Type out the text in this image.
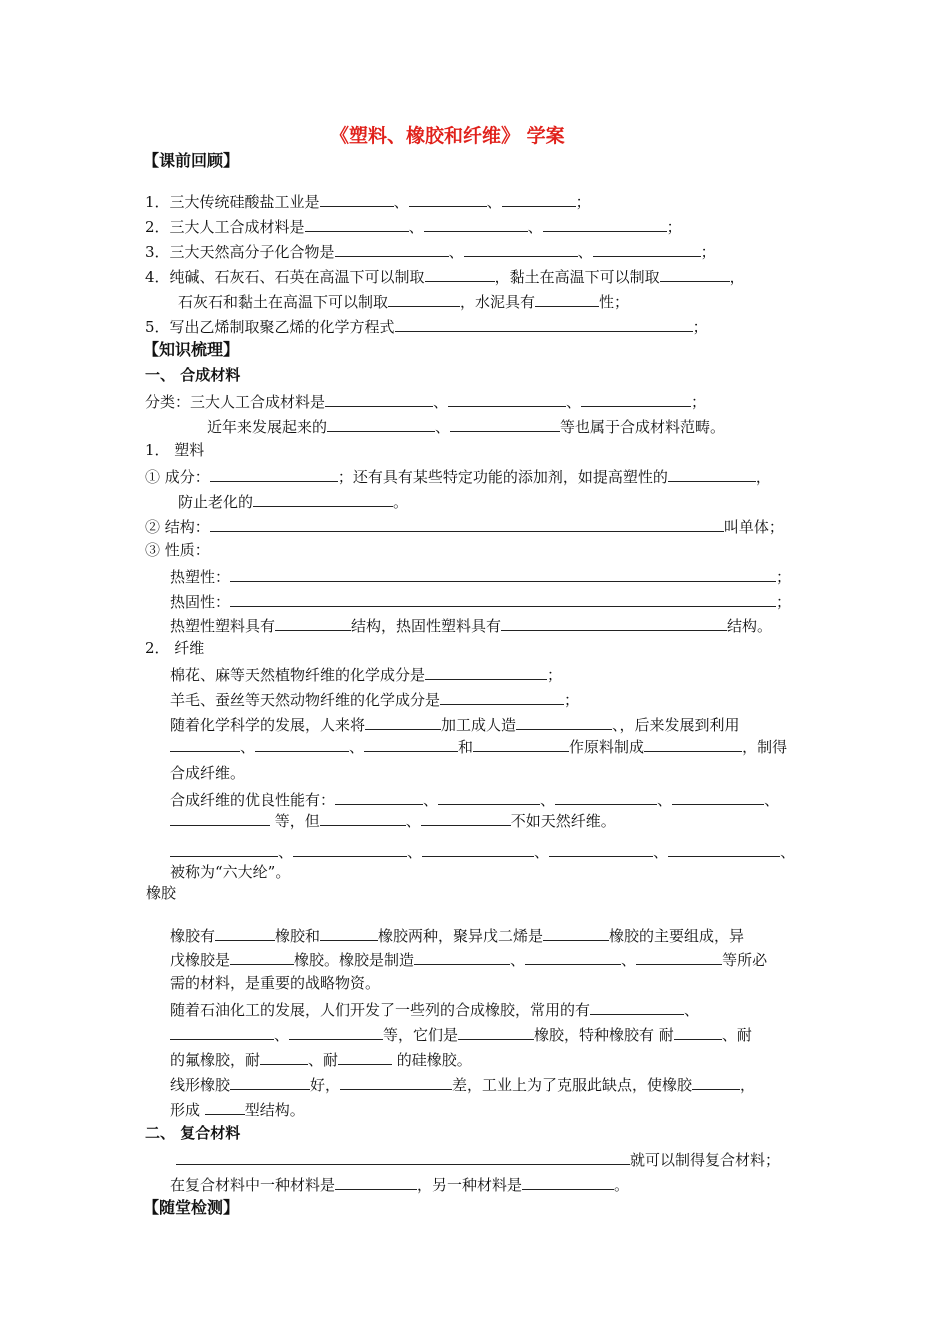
《塑料、橡胶和纤维》 学案
【课前回顾】
1．三大传统硅酸盐工业是	、	、	；
2．三大人工合成材料是	、	、	；
3．三大天然高分子化合物是	、	、	；
4．纯碱、石灰石、石英在高温下可以制取	，黏土在高温下可以制取	，
石灰石和黏土在高温下可以制取	，水泥具有	性；
5．写出乙烯制取聚乙烯的化学方程式	；
【知识梳理】
一、 合成材料
分类：三大人工合成材料是	、	、	；
近年来发展起来的	、	等也属于合成材料范畴。
1． 塑料
① 成分：	；还有具有某些特定功能的添加剂，如提高塑性的	，
防止老化的	。
② 结构：	叫单体；
③ 性质：
热塑性：	；
热固性：	；
热塑性塑料具有	结构，热固性塑料具有	结构。
2． 纤维
棉花、麻等天然植物纤维的化学成分是	；
羊毛、蚕丝等天然动物纤维的化学成分是	；
随着化学科学的发展，人来将	加工成人造	、，后来发展到利用
、	、	和	作原料制成	，制得
合成纤维。
合成纤维的优良性能有：	、	、	、	、
等，但	、	不如天然纤维。
、	、	、	、	、
被称为“六大纶”。
橡胶
橡胶有	橡胶和	橡胶两种，聚异戊二烯是	橡胶的主要组成，异
戊橡胶是	橡胶。橡胶是制造	、	、	等所必
需的材料，是重要的战略物资。
随着石油化工的发展，人们开发了一些列的合成橡胶，常用的有	、
、	等，它们是	橡胶，特种橡胶有 耐	、耐
的氟橡胶，耐	、耐	的硅橡胶。
线形橡胶	好，	差，工业上为了克服此缺点，使橡胶	，
形成	型结构。
二、 复合材料
就可以制得复合材料；
在复合材料中一种材料是	，另一种材料是	。
【随堂检测】
